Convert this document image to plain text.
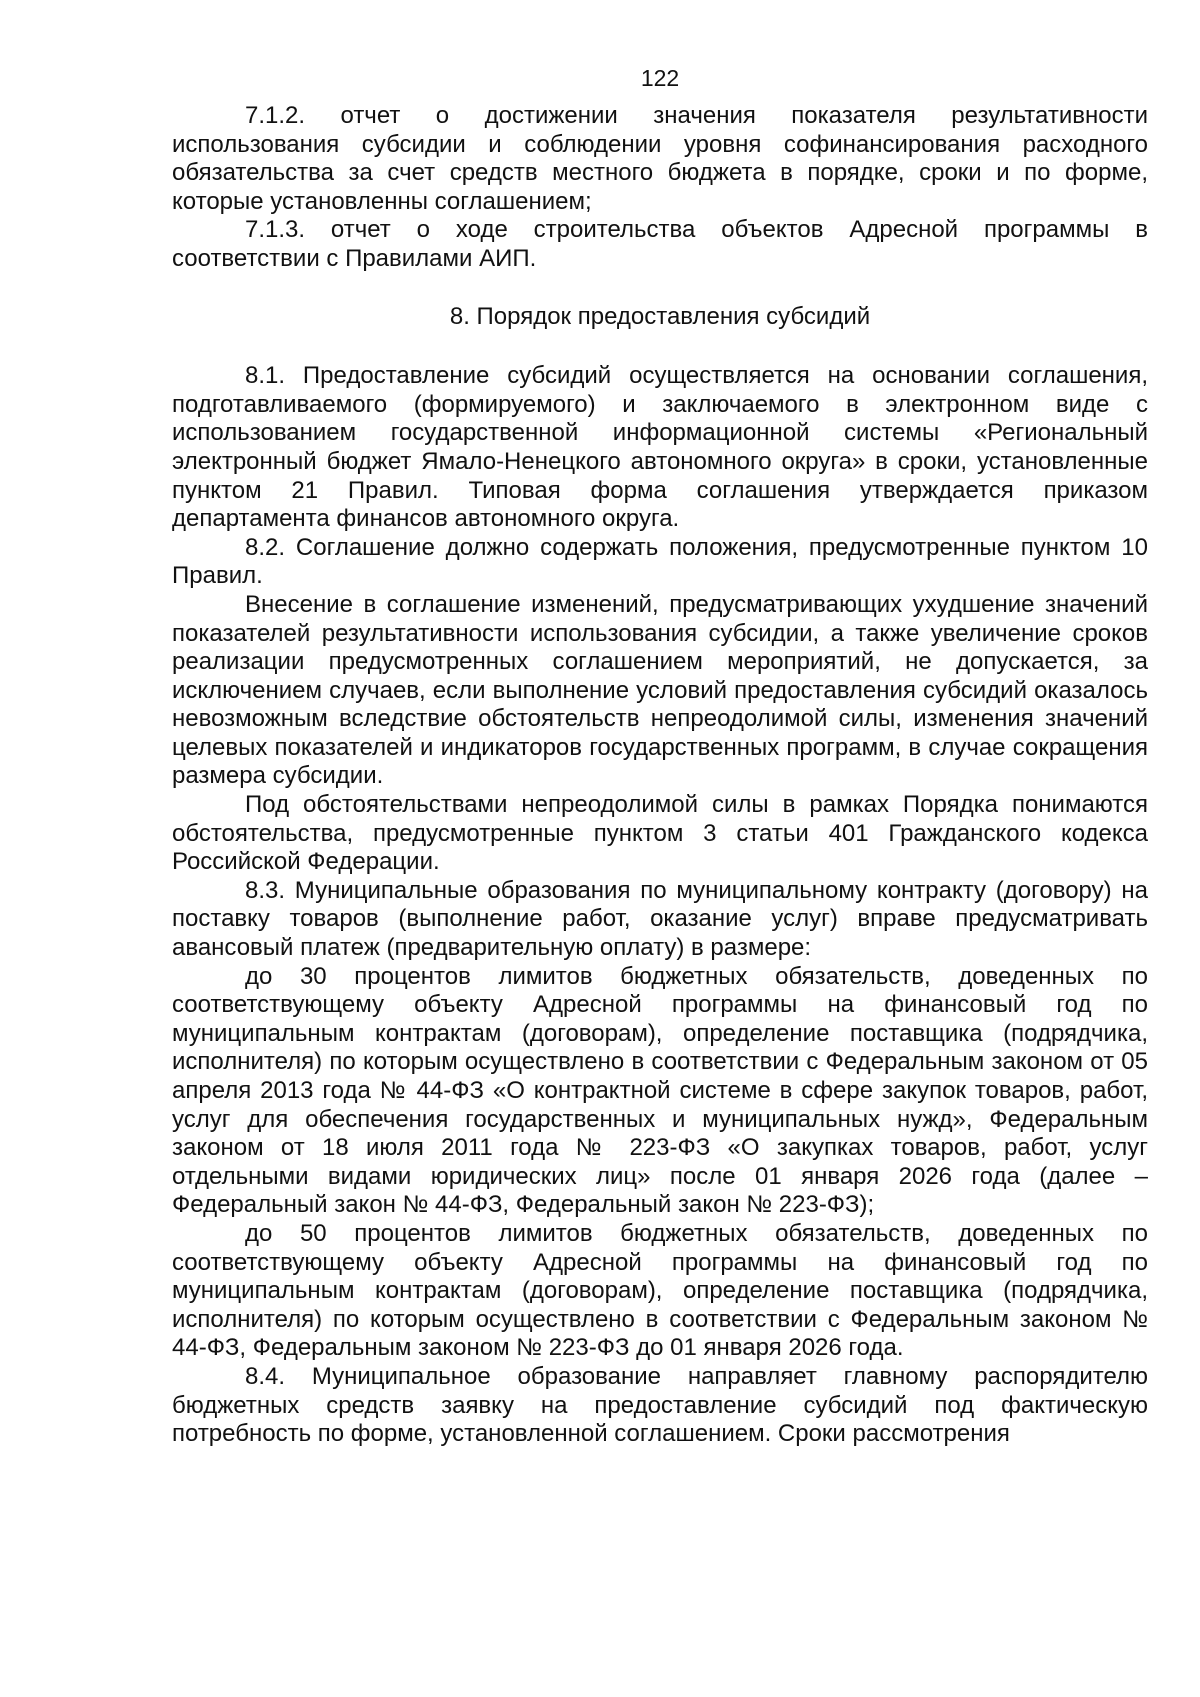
122

7.1.2. отчет о достижении значения показателя результативности использования субсидии и соблюдении уровня софинансирования расходного обязательства за счет средств местного бюджета в порядке, сроки и по форме, которые установленны соглашением;

7.1.3. отчет о ходе строительства объектов Адресной программы в соответствии с Правилами АИП.

8. Порядок предоставления субсидий

8.1. Предоставление субсидий осуществляется на основании соглашения, подготавливаемого (формируемого) и заключаемого в электронном виде с использованием государственной информационной системы «Региональный электронный бюджет Ямало-Ненецкого автономного округа» в сроки, установленные пунктом 21 Правил. Типовая форма соглашения утверждается приказом департамента финансов автономного округа.

8.2. Соглашение должно содержать положения, предусмотренные пунктом 10 Правил.

Внесение в соглашение изменений, предусматривающих ухудшение значений показателей результативности использования субсидии, а также увеличение сроков реализации предусмотренных соглашением мероприятий, не допускается, за исключением случаев, если выполнение условий предоставления субсидий оказалось невозможным вследствие обстоятельств непреодолимой силы, изменения значений целевых показателей и индикаторов государственных программ, в случае сокращения размера субсидии.

Под обстоятельствами непреодолимой силы в рамках Порядка понимаются обстоятельства, предусмотренные пунктом 3 статьи 401 Гражданского кодекса Российской Федерации.

8.3. Муниципальные образования по муниципальному контракту (договору) на поставку товаров (выполнение работ, оказание услуг) вправе предусматривать авансовый платеж (предварительную оплату) в размере:

до 30 процентов лимитов бюджетных обязательств, доведенных по соответствующему объекту Адресной программы на финансовый год по муниципальным контрактам (договорам), определение поставщика (подрядчика, исполнителя) по которым осуществлено в соответствии с Федеральным законом от 05 апреля 2013 года № 44-ФЗ «О контрактной системе в сфере закупок товаров, работ, услуг для обеспечения государственных и муниципальных нужд», Федеральным законом от 18 июля 2011 года № 223-ФЗ «О закупках товаров, работ, услуг отдельными видами юридических лиц» после 01 января 2026 года (далее – Федеральный закон № 44-ФЗ, Федеральный закон № 223-ФЗ);

до 50 процентов лимитов бюджетных обязательств, доведенных по соответствующему объекту Адресной программы на финансовый год по муниципальным контрактам (договорам), определение поставщика (подрядчика, исполнителя) по которым осуществлено в соответствии с Федеральным законом № 44-ФЗ, Федеральным законом № 223-ФЗ до 01 января 2026 года.

8.4. Муниципальное образование направляет главному распорядителю бюджетных средств заявку на предоставление субсидий под фактическую потребность по форме, установленной соглашением. Сроки рассмотрения
